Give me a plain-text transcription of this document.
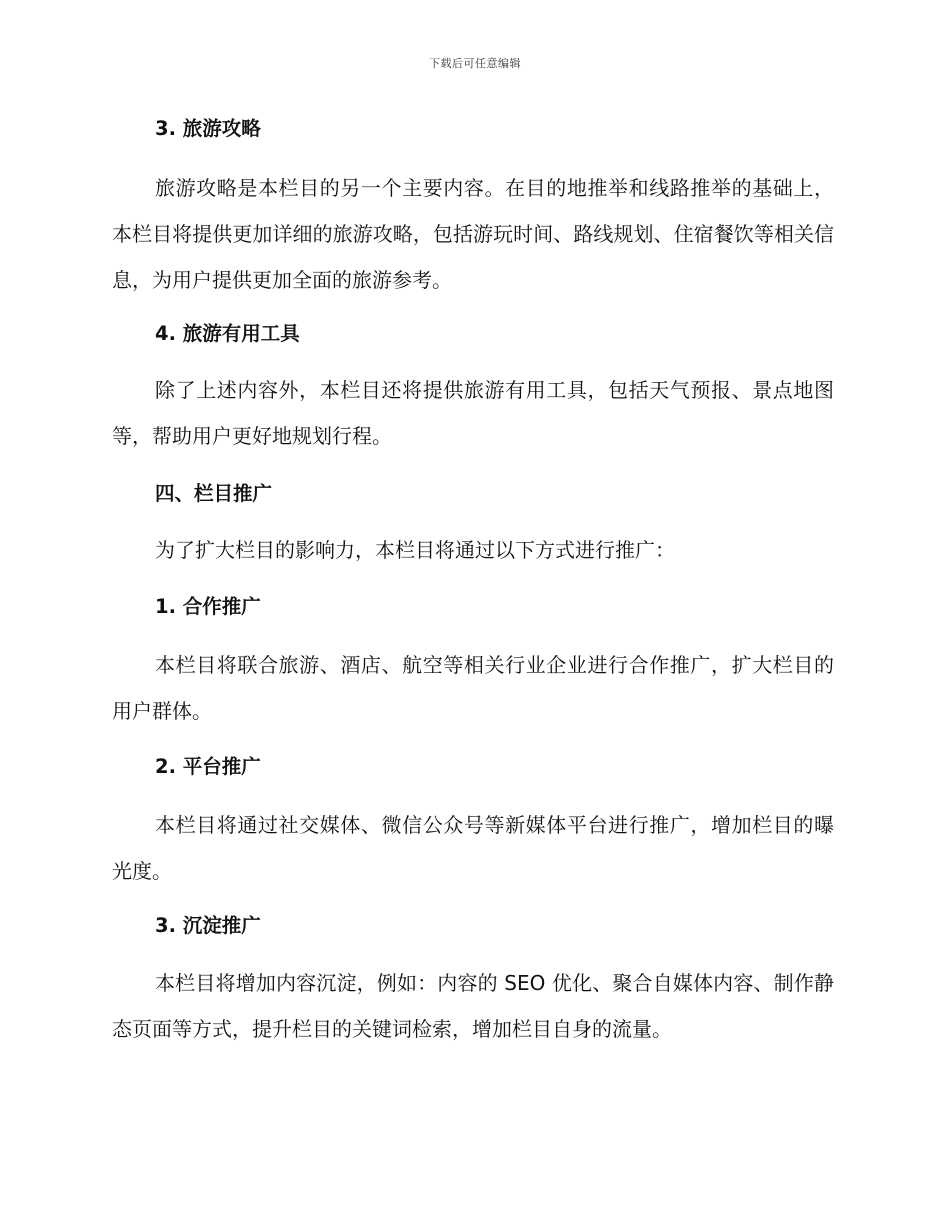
下载后可任意编辑
3. 旅游攻略

旅游攻略是本栏目的另一个主要内容。在目的地推举和线路推举的基础上，本栏目将提供更加详细的旅游攻略，包括游玩时间、路线规划、住宿餐饮等相关信息，为用户提供更加全面的旅游参考。

4. 旅游有用工具

除了上述内容外，本栏目还将提供旅游有用工具，包括天气预报、景点地图等，帮助用户更好地规划行程。

四、栏目推广

为了扩大栏目的影响力，本栏目将通过以下方式进行推广：

1. 合作推广

本栏目将联合旅游、酒店、航空等相关行业企业进行合作推广，扩大栏目的用户群体。

2. 平台推广

本栏目将通过社交媒体、微信公众号等新媒体平台进行推广，增加栏目的曝光度。

3. 沉淀推广

本栏目将增加内容沉淀，例如：内容的 SEO 优化、聚合自媒体内容、制作静态页面等方式，提升栏目的关键词检索，增加栏目自身的流量。
